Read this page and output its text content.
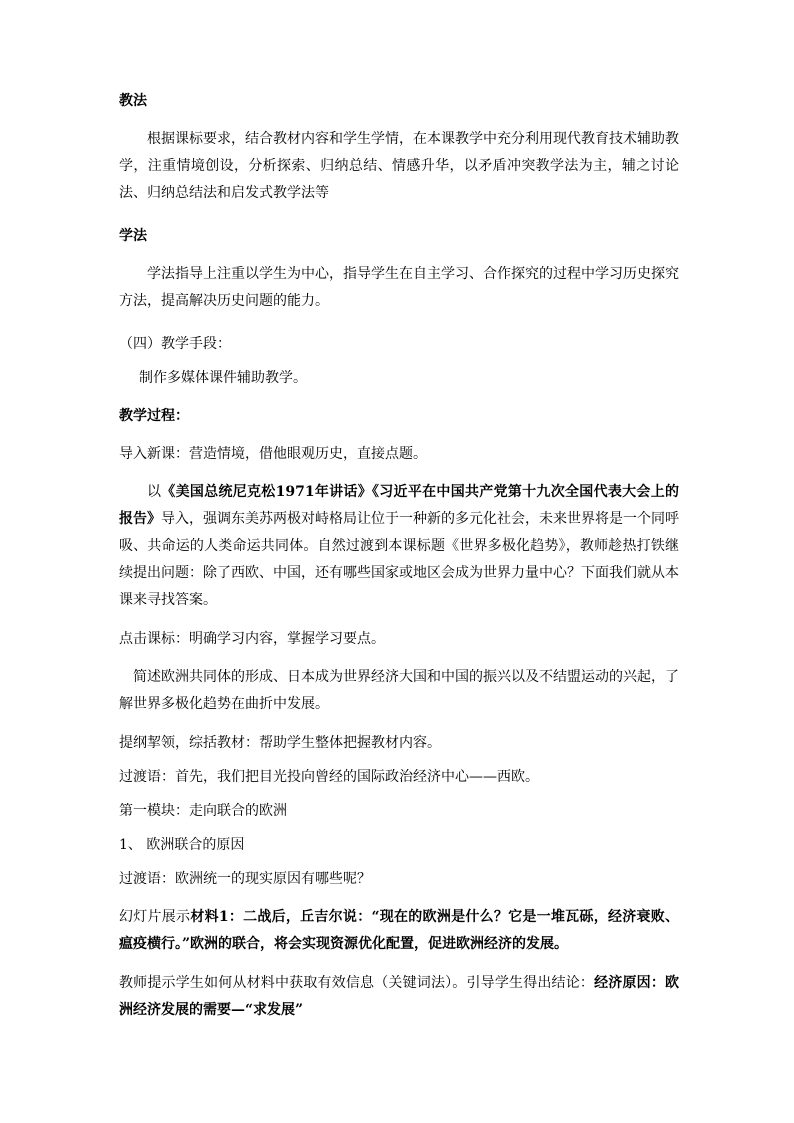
教法

根据课标要求，结合教材内容和学生学情，在本课教学中充分利用现代教育技术辅助教学，注重情境创设，分析探索、归纳总结、情感升华，以矛盾冲突教学法为主，辅之讨论法、归纳总结法和启发式教学法等

学法

学法指导上注重以学生为中心，指导学生在自主学习、合作探究的过程中学习历史探究方法，提高解决历史问题的能力。

（四）教学手段：

制作多媒体课件辅助教学。

教学过程：

导入新课：营造情境，借他眼观历史，直接点题。

以《美国总统尼克松1971年讲话》《习近平在中国共产党第十九次全国代表大会上的报告》导入，强调东美苏两极对峙格局让位于一种新的多元化社会，未来世界将是一个同呼吸、共命运的人类命运共同体。自然过渡到本课标题《世界多极化趋势》，教师趁热打铁继续提出问题：除了西欧、中国，还有哪些国家或地区会成为世界力量中心？下面我们就从本课来寻找答案。

点击课标：明确学习内容，掌握学习要点。

简述欧洲共同体的形成、日本成为世界经济大国和中国的振兴以及不结盟运动的兴起，了解世界多极化趋势在曲折中发展。

提纲挈领，综括教材：帮助学生整体把握教材内容。

过渡语：首先，我们把目光投向曾经的国际政治经济中心——西欧。

第一模块：走向联合的欧洲

1、 欧洲联合的原因

过渡语：欧洲统一的现实原因有哪些呢？

幻灯片展示材料1：二战后，丘吉尔说：“现在的欧洲是什么？它是一堆瓦砾，经济衰败、瘟疫横行。”欧洲的联合，将会实现资源优化配置，促进欧洲经济的发展。

教师提示学生如何从材料中获取有效信息（关键词法）。引导学生得出结论：经济原因：欧洲经济发展的需要—“求发展”
